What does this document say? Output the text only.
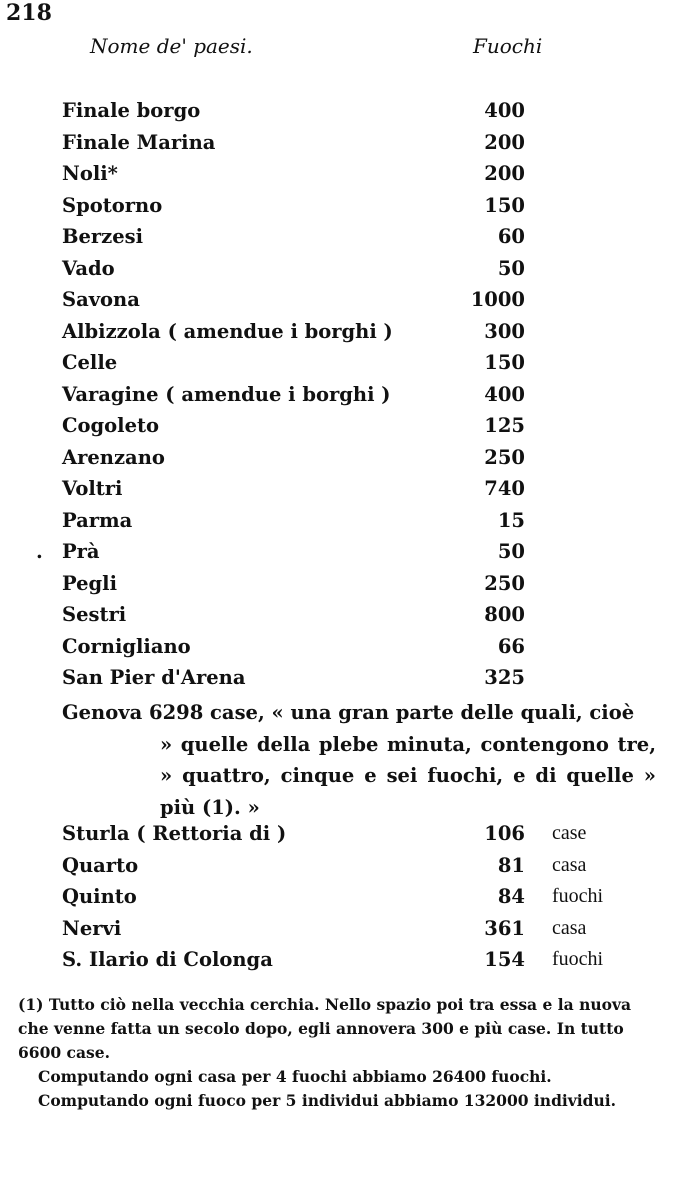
218
Nome de' paesi.	Fuochi
Finale borgo	400
Finale Marina	200
Noli*	200
Spotorno	150
Berzesi	60
Vado	50
Savona	1000
Albizzola ( amendue i borghi )	300
Celle	150
Varagine ( amendue i borghi )	400
Cogoleto	125
Arenzano	250
Voltri	740
Parma	15
. Prà	50
Pegli	250
Sestri	800
Cornigliano	66
San Pier d'Arena	325
Genova 6298 case, « una gran parte delle quali, cioè
» quelle della plebe minuta, contengono tre, » quattro, cinque e sei fuochi, e di quelle » più (1). »
Sturla ( Rettoria di )	106 case
Quarto	81 casa
Quinto	84 fuochi
Nervi	361 casa
S. Ilario di Colonga	154 fuochi

(1) Tutto ciò nella vecchia cerchia. Nello spazio poi tra essa e la nuova che venne fatta un secolo dopo, egli annovera 300 e più case. In tutto 6600 case.

Computando ogni casa per 4 fuochi abbiamo 26400 fuochi.

Computando ogni fuoco per 5 individui abbiamo 132000 individui.
